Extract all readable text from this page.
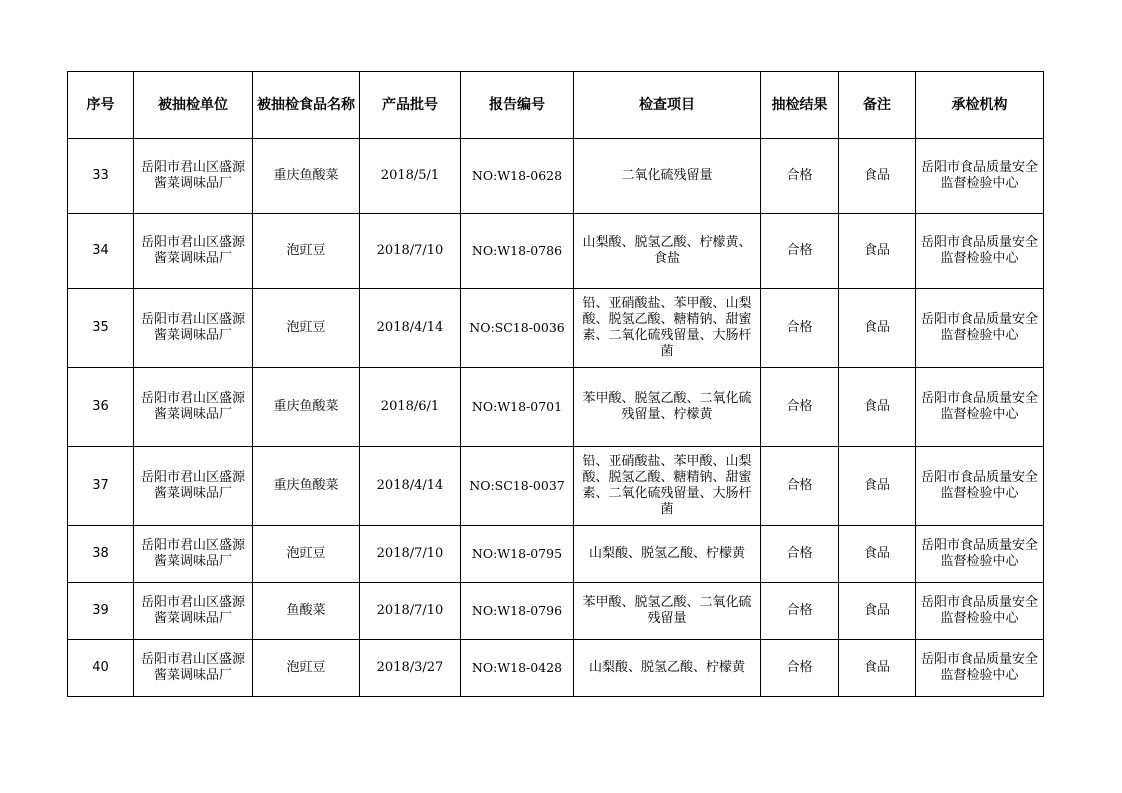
序号	被抽检单位	被抽检食品名称	产品批号	报告编号	检查项目	抽检结果	备注	承检机构
33	岳阳市君山区盛源酱菜调味品厂	重庆鱼酸菜	2018/5/1	NO:W18-0628	二氧化硫残留量	合格	食品	岳阳市食品质量安全监督检验中心
34	岳阳市君山区盛源酱菜调味品厂	泡豇豆	2018/7/10	NO:W18-0786	山梨酸、脱氢乙酸、柠檬黄、食盐	合格	食品	岳阳市食品质量安全监督检验中心
35	岳阳市君山区盛源酱菜调味品厂	泡豇豆	2018/4/14	NO:SC18-0036	铅、亚硝酸盐、苯甲酸、山梨酸、脱氢乙酸、糖精钠、甜蜜素、二氧化硫残留量、大肠杆菌	合格	食品	岳阳市食品质量安全监督检验中心
36	岳阳市君山区盛源酱菜调味品厂	重庆鱼酸菜	2018/6/1	NO:W18-0701	苯甲酸、脱氢乙酸、二氧化硫残留量、柠檬黄	合格	食品	岳阳市食品质量安全监督检验中心
37	岳阳市君山区盛源酱菜调味品厂	重庆鱼酸菜	2018/4/14	NO:SC18-0037	铅、亚硝酸盐、苯甲酸、山梨酸、脱氢乙酸、糖精钠、甜蜜素、二氧化硫残留量、大肠杆菌	合格	食品	岳阳市食品质量安全监督检验中心
38	岳阳市君山区盛源酱菜调味品厂	泡豇豆	2018/7/10	NO:W18-0795	山梨酸、脱氢乙酸、柠檬黄	合格	食品	岳阳市食品质量安全监督检验中心
39	岳阳市君山区盛源酱菜调味品厂	鱼酸菜	2018/7/10	NO:W18-0796	苯甲酸、脱氢乙酸、二氧化硫残留量	合格	食品	岳阳市食品质量安全监督检验中心
40	岳阳市君山区盛源酱菜调味品厂	泡豇豆	2018/3/27	NO:W18-0428	山梨酸、脱氢乙酸、柠檬黄	合格	食品	岳阳市食品质量安全监督检验中心
